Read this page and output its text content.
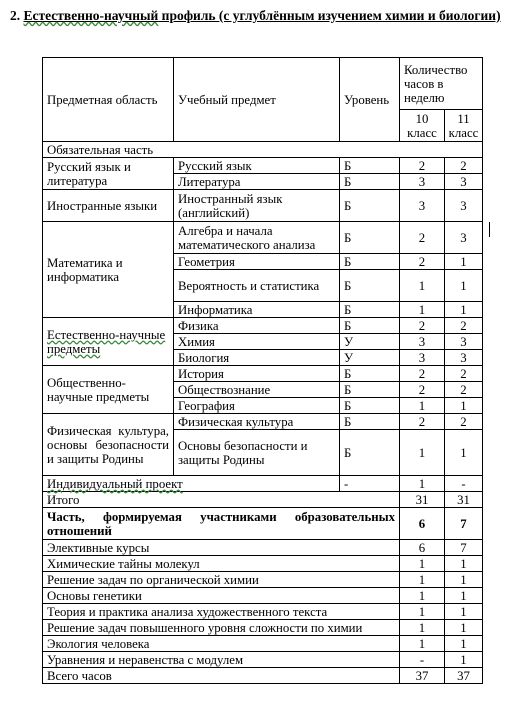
2. Естественно-научный профиль (с углублённым изучением химии и биологии)
Предметная область	Учебный предмет	Уровень	Количество часов в неделю	
			10 класс	11 класс
Обязательная часть				
Русский язык и литература	Русский язык	Б	2	2
	Литература	Б	3	3
Иностранные языки	Иностранный язык (английский)	Б	3	3
Математика и информатика	Алгебра и начала математического анализа	Б	2	3
	Геометрия	Б	2	1
	Вероятность и статистика	Б	1	1
	Информатика	Б	1	1
Естественно-научные предметы	Физика	Б	2	2
	Химия	У	3	3
	Биология	У	3	3
Общественно-научные предметы	История	Б	2	2
	Обществознание	Б	2	2
	География	Б	1	1
Физическая культура, основы безопасности и защиты Родины	Физическая культура	Б	2	2
	Основы безопасности и защиты Родины	Б	1	1
Индивидуальный проект		-	1	-
Итого			31	31
Часть, формируемая участниками образовательных отношений			6	7
Элективные курсы			6	7
Химические тайны молекул			1	1
Решение задач по органической химии			1	1
Основы генетики			1	1
Теория и практика анализа художественного текста			1	1
Решение задач повышенного уровня сложности по химии			1	1
Экология человека			1	1
Уравнения и неравенства с модулем			-	1
Всего часов			37	37
